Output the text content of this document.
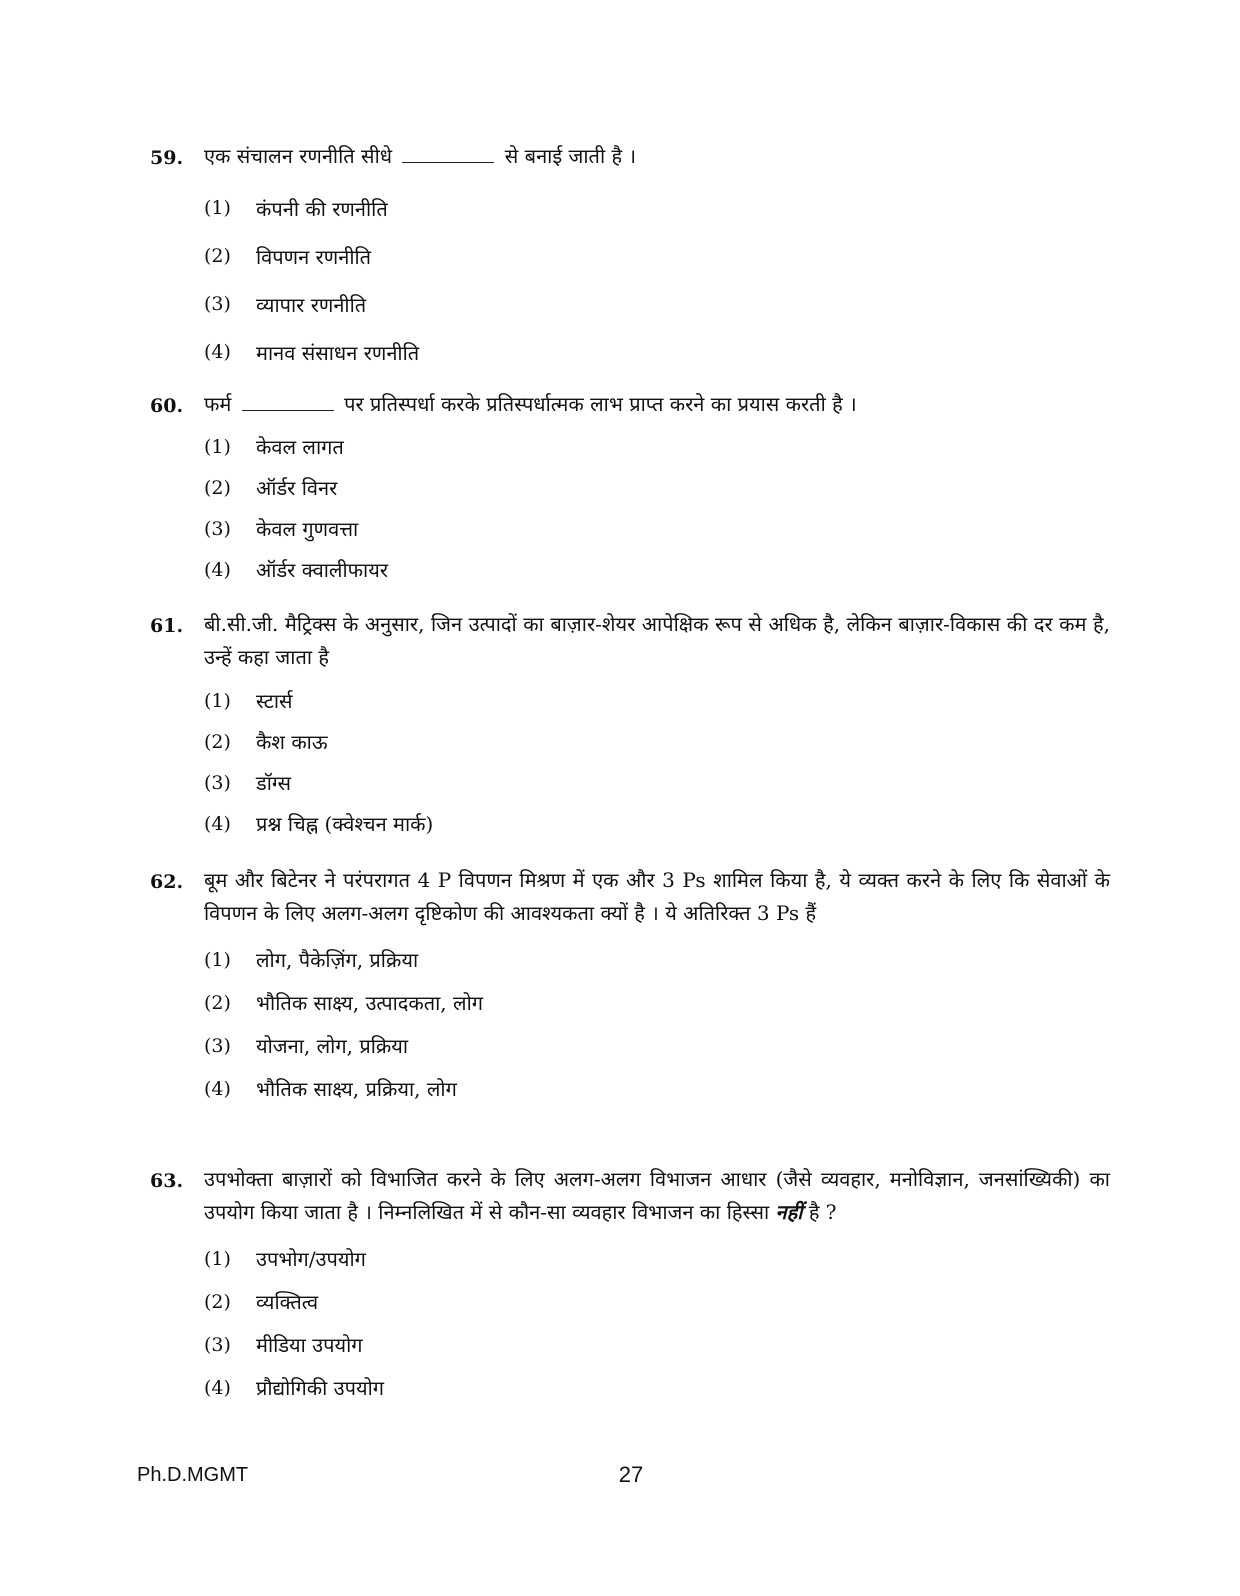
59.	एक संचालन रणनीति सीधे	से बनाई जाती है ।
(1)	कंपनी की रणनीति
(2)	विपणन रणनीति
(3)	व्यापार रणनीति
(4)	मानव संसाधन रणनीति
60.	फर्म	पर प्रतिस्पर्धा करके प्रतिस्पर्धात्मक लाभ प्राप्त करने का प्रयास करती है ।
(1)	केवल लागत
(2)	ऑर्डर विनर
(3)	केवल गुणवत्ता
(4)	ऑर्डर क्वालीफायर
61.	बी.सी.जी. मैट्रिक्स के अनुसार, जिन उत्पादों का बाज़ार-शेयर आपेक्षिक रूप से अधिक है, लेकिन बाज़ार-विकास की दर कम है, उन्हें कहा जाता है
(1)	स्टार्स
(2)	कैश काऊ
(3)	डॉग्स
(4)	प्रश्न चिह्न (क्वेश्चन मार्क)
62.	बूम और बिटेनर ने परंपरागत 4 P विपणन मिश्रण में एक और 3 Ps शामिल किया है, ये व्यक्त करने के लिए कि सेवाओं के विपणन के लिए अलग-अलग दृष्टिकोण की आवश्यकता क्यों है । ये अतिरिक्त 3 Ps हैं
(1)	लोग, पैकेज़िंग, प्रक्रिया
(2)	भौतिक साक्ष्य, उत्पादकता, लोग
(3)	योजना, लोग, प्रक्रिया
(4)	भौतिक साक्ष्य, प्रक्रिया, लोग
63.	उपभोक्ता बाज़ारों को विभाजित करने के लिए अलग-अलग विभाजन आधार (जैसे व्यवहार, मनोविज्ञान, जनसांख्यिकी) का उपयोग किया जाता है । निम्नलिखित में से कौन-सा व्यवहार विभाजन का हिस्सा नहीं है ?
(1)	उपभोग/उपयोग
(2)	व्यक्तित्व
(3)	मीडिया उपयोग
(4)	प्रौद्योगिकी उपयोग
Ph.D.MGMT	27
